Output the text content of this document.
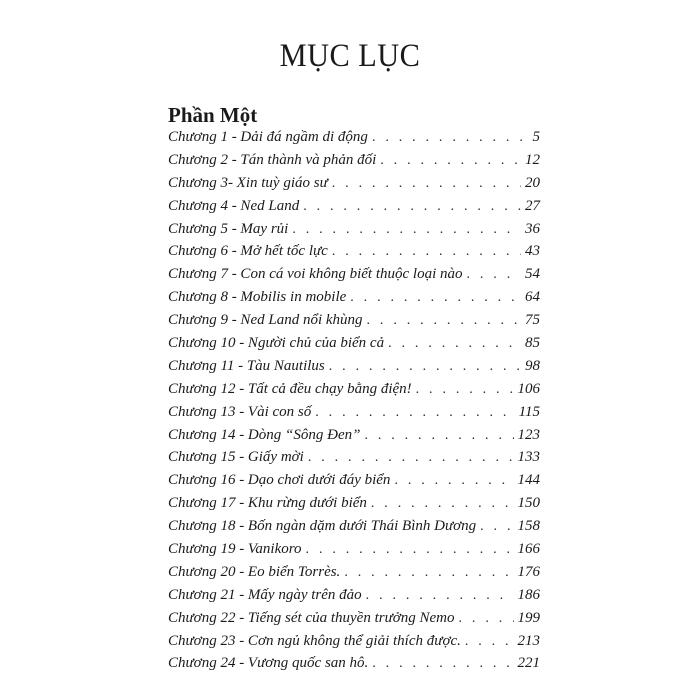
MỤC LỤC
Phần Một
Chương 1 - Dải đá ngầm di động . . .	5
Chương 2 - Tán thành và phản đối . . .	12
Chương 3- Xin tuỳ giáo sư . . .	20
Chương 4 - Ned Land . . .	27
Chương 5 - May rủi . . .	36
Chương 6 - Mở hết tốc lực . . .	43
Chương 7 - Con cá voi không biết thuộc loại nào . . .	54
Chương 8 - Mobilis in mobile . . .	64
Chương 9 - Ned Land nổi khùng . . .	75
Chương 10 - Người chủ của biển cả . . .	85
Chương 11 - Tàu Nautilus . . .	98
Chương 12 - Tất cả đều chạy bằng điện! . . .	106
Chương 13 - Vài con số . . .	115
Chương 14 - Dòng “Sông Đen” . . .	123
Chương 15 - Giấy mời . . .	133
Chương 16 - Dạo chơi dưới đáy biển . . .	144
Chương 17 - Khu rừng dưới biển . . .	150
Chương 18 - Bốn ngàn dặm dưới Thái Bình Dương . . .	158
Chương 19 - Vanikoro . . .	166
Chương 20 - Eo biển Torrès. . . .	176
Chương 21 - Mấy ngày trên đảo . . .	186
Chương 22 - Tiếng sét của thuyền trưởng Nemo . . .	199
Chương 23 - Cơn ngủ không thể giải thích được. . . .	213
Chương 24 - Vương quốc san hô. . . .	221
